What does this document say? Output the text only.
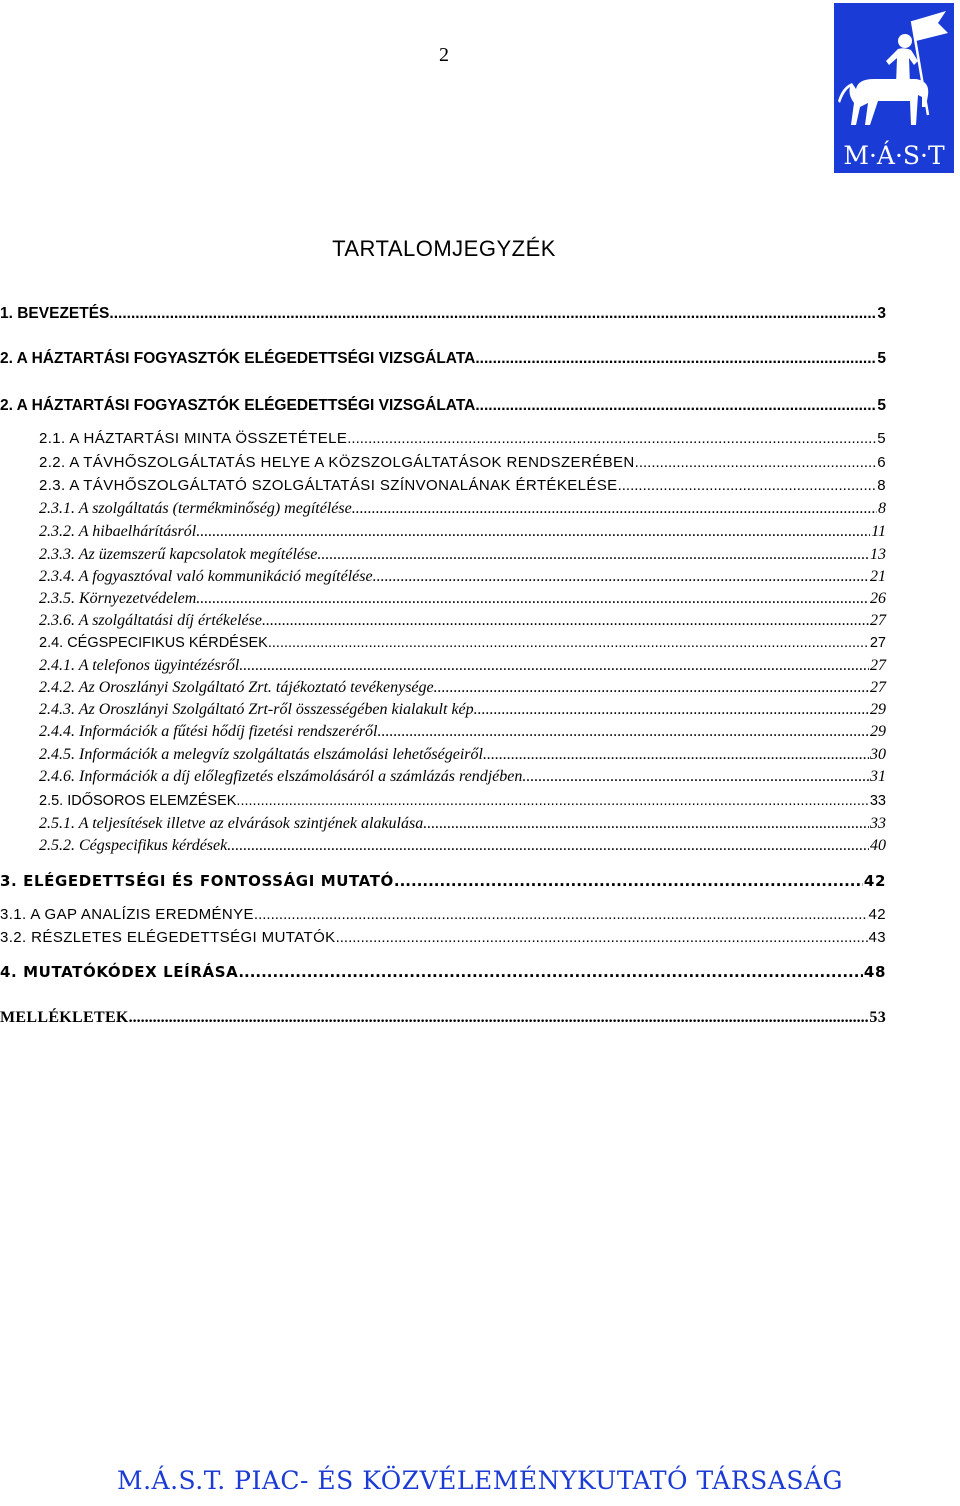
2
M·Á·S·T
TARTALOMJEGYZÉK
1. BEVEZETÉS .....	3
2. A HÁZTARTÁSI FOGYASZTÓK ELÉGEDETTSÉGI VIZSGÁLATA .....	5
2. A HÁZTARTÁSI FOGYASZTÓK ELÉGEDETTSÉGI VIZSGÁLATA .....	5
2.1. A HÁZTARTÁSI MINTA ÖSSZETÉTELE .....	5
2.2. A TÁVHŐSZOLGÁLTATÁS HELYE A KÖZSZOLGÁLTATÁSOK RENDSZERÉBEN .....	6
2.3. A TÁVHŐSZOLGÁLTATÓ SZOLGÁLTATÁSI SZÍNVONALÁNAK ÉRTÉKELÉSE .....	8
2.3.1. A szolgáltatás (termékminőség) megítélése .....	8
2.3.2. A hibaelhárításról .....	11
2.3.3. Az üzemszerű kapcsolatok megítélése .....	13
2.3.4. A fogyasztóval való kommunikáció megítélése .....	21
2.3.5. Környezetvédelem .....	26
2.3.6. A szolgáltatási díj értékelése .....	27
2.4. CÉGSPECIFIKUS KÉRDÉSEK .....	27
2.4.1. A telefonos ügyintézésről .....	27
2.4.2. Az Oroszlányi Szolgáltató Zrt. tájékoztató tevékenysége .....	27
2.4.3. Az Oroszlányi Szolgáltató Zrt-ről összességében kialakult kép .....	29
2.4.4. Információk a fűtési hődíj fizetési rendszeréről .....	29
2.4.5. Információk a melegvíz szolgáltatás elszámolási lehetőségeiről .....	30
2.4.6. Információk a díj előlegfizetés elszámolásáról a számlázás rendjében .....	31
2.5. IDŐSOROS ELEMZÉSEK .....	33
2.5.1. A teljesítések illetve az elvárások szintjének alakulása .....	33
2.5.2. Cégspecifikus kérdések .....	40
3. ELÉGEDETTSÉGI ÉS FONTOSSÁGI MUTATÓ .....	42
3.1. A GAP ANALÍZIS EREDMÉNYE .....	42
3.2. RÉSZLETES ELÉGEDETTSÉGI MUTATÓK .....	43
4. MUTATÓKÓDEX LEÍRÁSA .....	48
MELLÉKLETEK .....	53
M.Á.S.T. PIAC- ÉS KÖZVÉLEMÉNYKUTATÓ TÁRSASÁG
